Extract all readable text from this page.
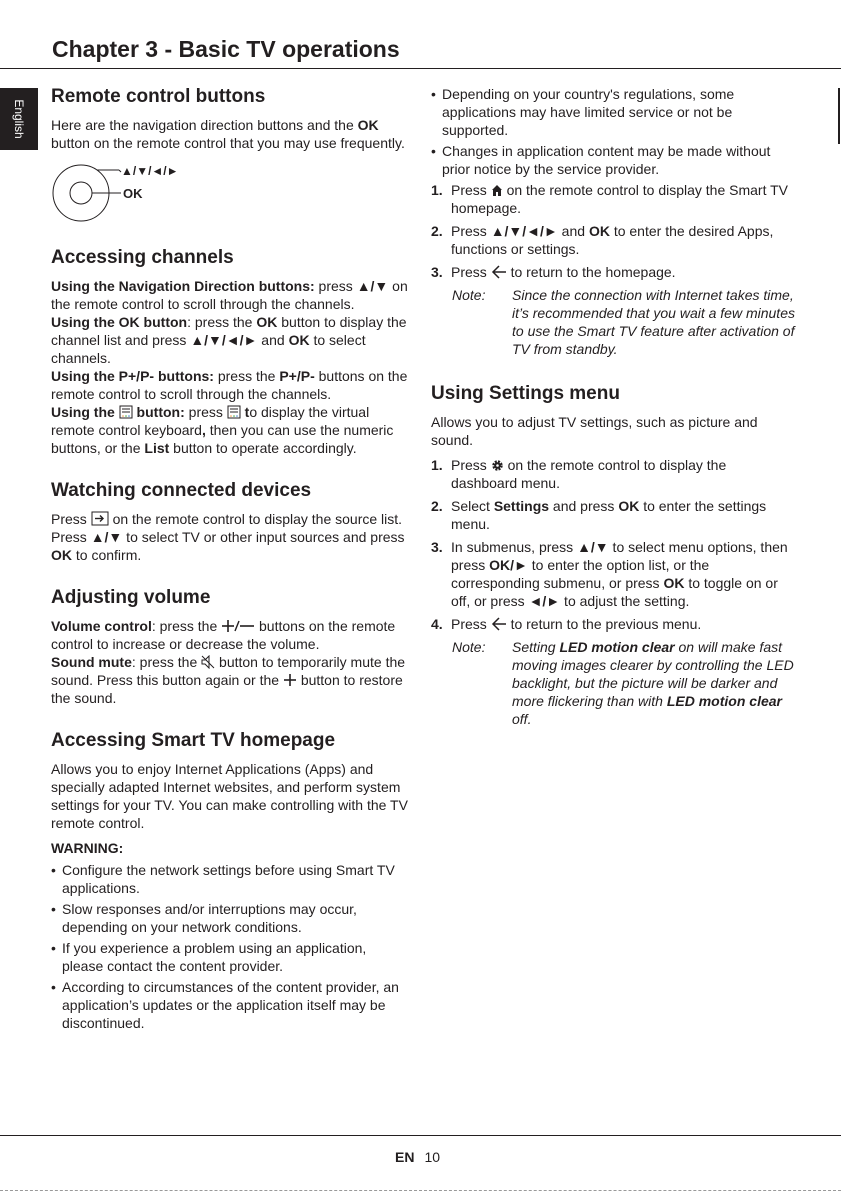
Chapter 3 - Basic TV operations
English
Remote control buttons

Here are the navigation direction buttons and the OK button on the remote control that you may use frequently.

▲/▼/◄/►
OK
Accessing channels

Using the Navigation Direction buttons: press ▲/▼ on the remote control to scroll through the channels.

Using the OK button: press the OK button to display the channel list and press ▲/▼/◄/► and OK to select channels.

Using the P+/P- buttons: press the P+/P- buttons on the remote control to scroll through the channels.

Using the  button: press  to display the virtual remote control keyboard, then you can use the numeric buttons, or the List button to operate accordingly.

Watching connected devices

Press  on the remote control to display the source list. Press ▲/▼ to select TV or other input sources and press OK to confirm.

Adjusting volume

Volume control: press the  buttons on the remote control to increase or decrease the volume.

Sound mute: press the  button to temporarily mute the sound. Press this button again or the  button to restore the sound.

Accessing Smart TV homepage

Allows you to enjoy Internet Applications (Apps) and specially adapted Internet websites, and perform system settings for your TV. You can make controlling with the TV remote control.

WARNING:

• Configure the network settings before using Smart TV applications.
• Slow responses and/or interruptions may occur, depending on your network conditions.
• If you experience a problem using an application, please contact the content provider.
• According to circumstances of the content provider, an application’s updates or the application itself may be discontinued.
• Depending on your country's regulations, some applications may have limited service or not be supported.
• Changes in application content may be made without prior notice by the service provider.
1. Press  on the remote control to display the Smart TV homepage.
2. Press ▲/▼/◄/► and OK to enter the desired Apps, functions or settings.
3. Press  to return to the homepage.
Note: Since the connection with Internet takes time, it’s recommended that you wait a few minutes to use the Smart TV feature after activation of TV from standby.
Using Settings menu

Allows you to adjust TV settings, such as picture and sound.

1. Press  on the remote control to display the dashboard menu.
2. Select Settings and press OK to enter the settings menu.
3. In submenus, press ▲/▼ to select menu options, then press OK/► to enter the option list, or the corresponding submenu, or press OK to toggle on or off, or press ◄/► to adjust the setting.
4. Press  to return to the previous menu.
Note: Setting LED motion clear on will make fast moving images clearer by controlling the LED backlight, but the picture will be darker and more flickering than with LED motion clear off.
EN 10
